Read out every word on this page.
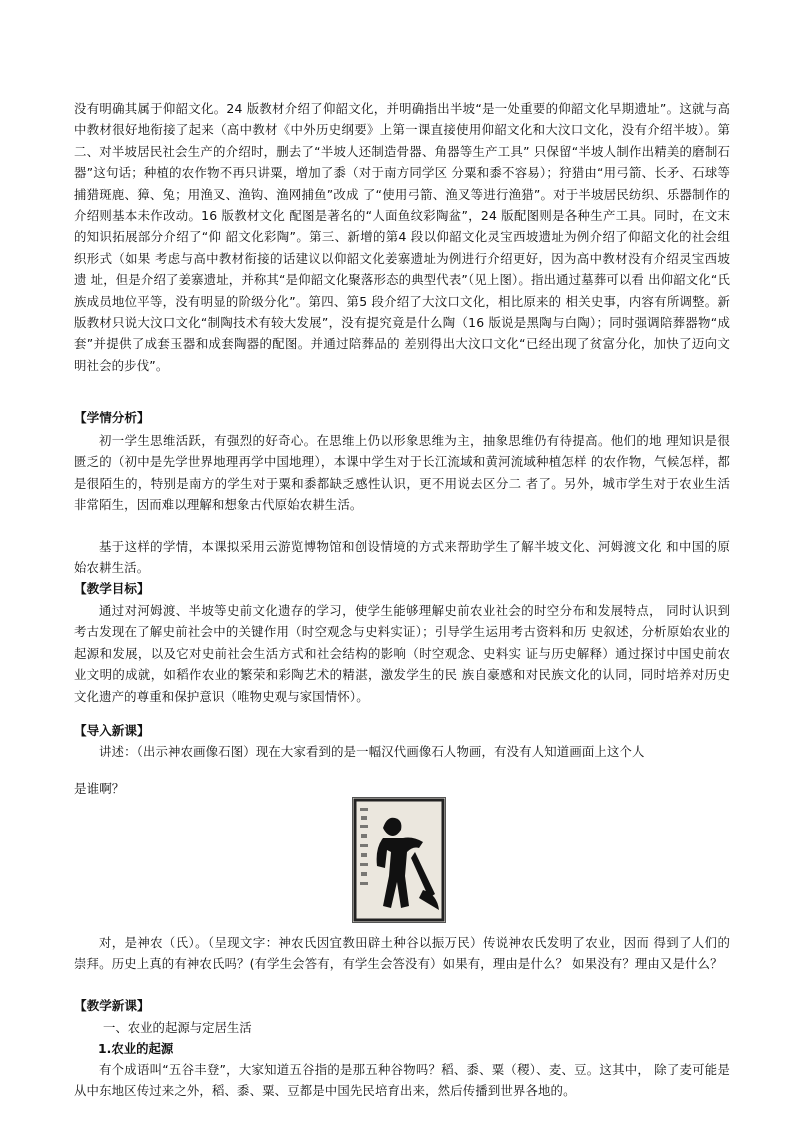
没有明确其属于仰韶文化。24 版教材介绍了仰韶文化，并明确指出半坡“是一处重要的仰韶文化早期遗址”。这就与高中教材很好地衔接了起来（高中教材《中外历史纲要》上第一课直接使用仰韶文化和大汶口文化，没有介绍半坡）。第二、对半坡居民社会生产的介绍时，删去了“半坡人还制造骨器、角器等生产工具” 只保留“半坡人制作出精美的磨制石器”这句话；种植的农作物不再只讲粟，增加了黍（对于南方同学区 分粟和黍不容易）；狩猎由“用弓箭、长矛、石球等捕猎斑鹿、獐、兔；用渔叉、渔钩、渔网捕鱼”改成 了“使用弓箭、渔叉等进行渔猎”。对于半坡居民纺织、乐器制作的介绍则基本未作改动。16 版教材文化 配图是著名的“人面鱼纹彩陶盆”，24 版配图则是各种生产工具。同时，在文末的知识拓展部分介绍了“仰 韶文化彩陶”。第三、新增的第4 段以仰韶文化灵宝西坡遗址为例介绍了仰韶文化的社会组织形式（如果 考虑与高中教材衔接的话建议以仰韶文化姜寨遗址为例进行介绍更好，因为高中教材没有介绍灵宝西坡遗 址，但是介绍了姜寨遗址，并称其“是仰韶文化聚落形态的典型代表”（见上图）。指出通过墓葬可以看 出仰韶文化“氏族成员地位平等，没有明显的阶级分化”。第四、第5 段介绍了大汶口文化，相比原来的 相关史事，内容有所调整。新版教材只说大汶口文化“制陶技术有较大发展”，没有提究竟是什么陶（16 版说是黑陶与白陶）；同时强调陪葬器物“成套”并提供了成套玉器和成套陶器的配图。并通过陪葬品的 差别得出大汶口文化“已经出现了贫富分化，加快了迈向文明社会的步伐”。

【学情分析】

初一学生思维活跃，有强烈的好奇心。在思维上仍以形象思维为主，抽象思维仍有待提高。他们的地 理知识是很匮乏的（初中是先学世界地理再学中国地理），本课中学生对于长江流域和黄河流域种植怎样 的农作物，气候怎样，都是很陌生的，特别是南方的学生对于粟和黍都缺乏感性认识，更不用说去区分二 者了。另外，城市学生对于农业生活非常陌生，因而难以理解和想象古代原始农耕生活。

基于这样的学情，本课拟采用云游览博物馆和创设情境的方式来帮助学生了解半坡文化、河姆渡文化 和中国的原始农耕生活。

【教学目标】

通过对河姆渡、半坡等史前文化遗存的学习，使学生能够理解史前农业社会的时空分布和发展特点， 同时认识到考古发现在了解史前社会中的关键作用（时空观念与史料实证）；引导学生运用考古资料和历 史叙述，分析原始农业的起源和发展，以及它对史前社会生活方式和社会结构的影响（时空观念、史料实 证与历史解释）通过探讨中国史前农业文明的成就，如稻作农业的繁荣和彩陶艺术的精湛，激发学生的民 族自豪感和对民族文化的认同，同时培养对历史文化遗产的尊重和保护意识（唯物史观与家国情怀）。

【导入新课】

讲述：（出示神农画像石图）现在大家看到的是一幅汉代画像石人物画，有没有人知道画面上这个人

是谁啊？

对，是神农（氏）。（呈现文字：神农氏因宜教田辟土种谷以振万民）传说神农氏发明了农业，因而 得到了人们的崇拜。历史上真的有神农氏吗？(有学生会答有，有学生会答没有）如果有，理由是什么？ 如果没有？理由又是什么？

【教学新课】

一、农业的起源与定居生活

1.农业的起源

有个成语叫“五谷丰登”，大家知道五谷指的是那五种谷物吗？稻、黍、粟（稷）、麦、豆。这其中， 除了麦可能是从中东地区传过来之外，稻、黍、粟、豆都是中国先民培育出来，然后传播到世界各地的。
